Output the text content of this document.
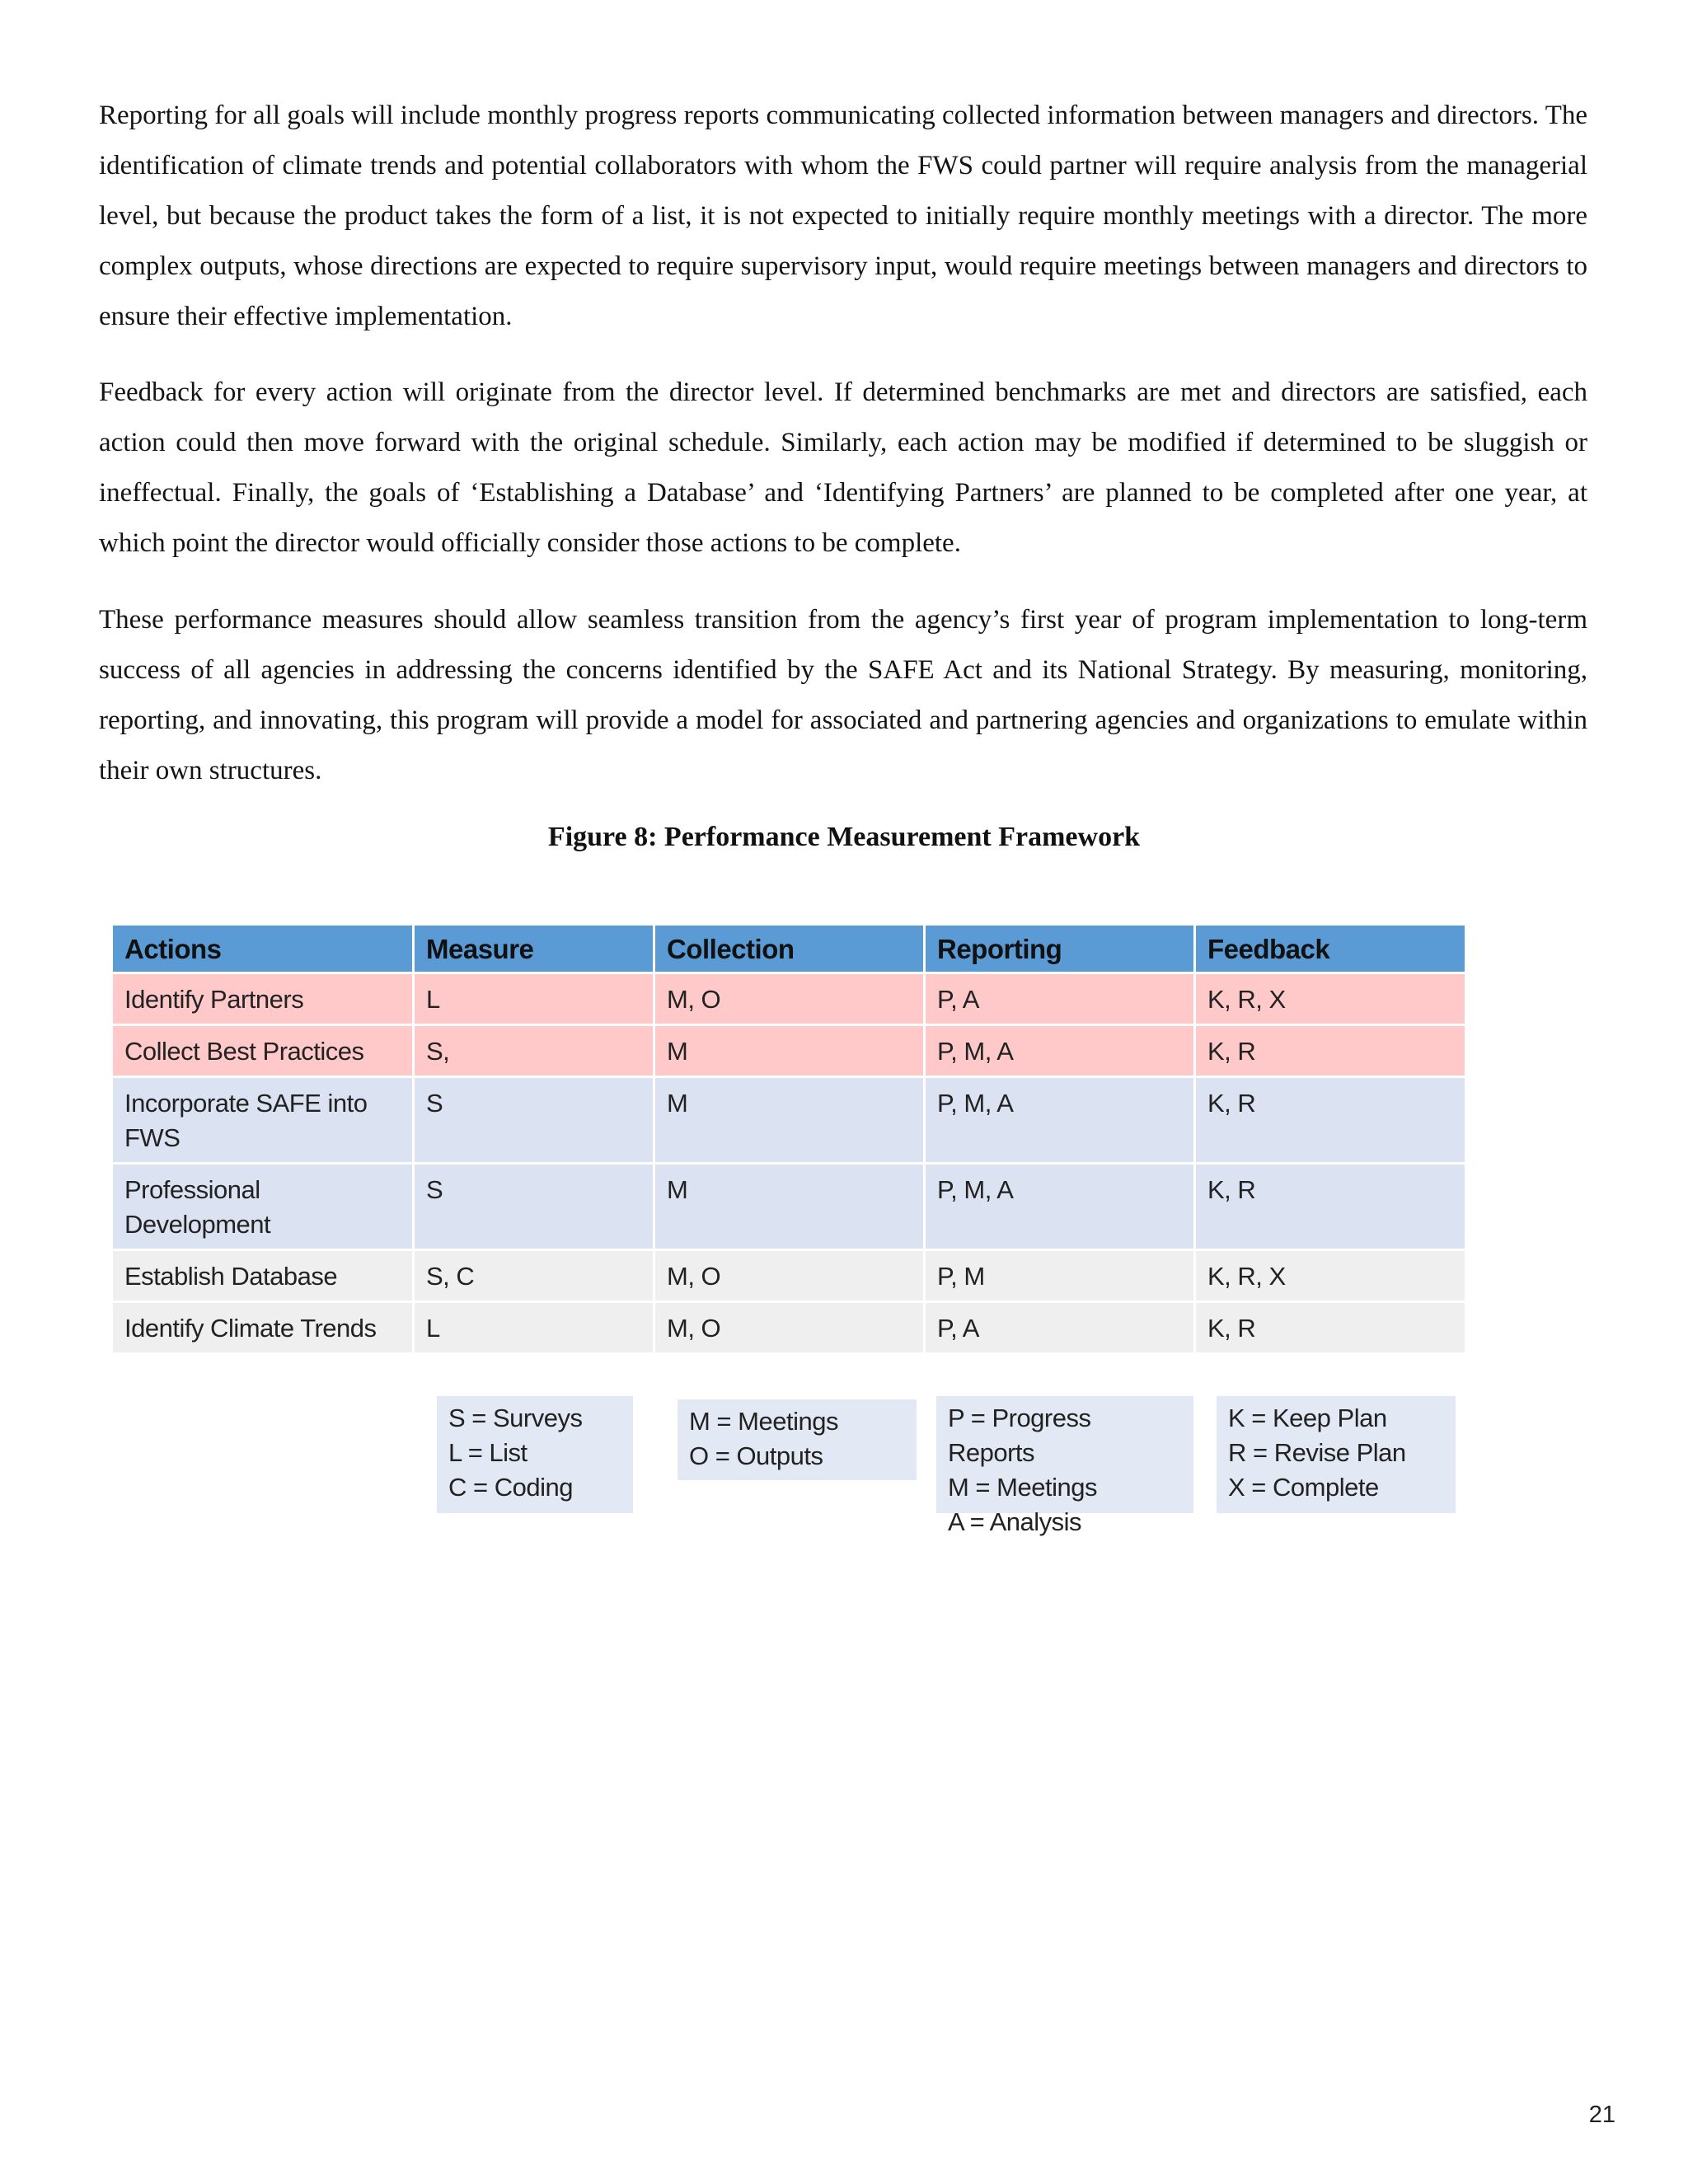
Reporting for all goals will include monthly progress reports communicating collected information between managers and directors. The identification of climate trends and potential collaborators with whom the FWS could partner will require analysis from the managerial level, but because the product takes the form of a list, it is not expected to initially require monthly meetings with a director. The more complex outputs, whose directions are expected to require supervisory input, would require meetings between managers and directors to ensure their effective implementation.

Feedback for every action will originate from the director level. If determined benchmarks are met and directors are satisfied, each action could then move forward with the original schedule. Similarly, each action may be modified if determined to be sluggish or ineffectual. Finally, the goals of ‘Establishing a Database’ and ‘Identifying Partners’ are planned to be completed after one year, at which point the director would officially consider those actions to be complete.

These performance measures should allow seamless transition from the agency’s first year of program implementation to long-term success of all agencies in addressing the concerns identified by the SAFE Act and its National Strategy. By measuring, monitoring, reporting, and innovating, this program will provide a model for associated and partnering agencies and organizations to emulate within their own structures.

Figure 8: Performance Measurement Framework

Actions	Measure	Collection	Reporting	Feedback
Identify Partners	L	M, O	P, A	K, R, X
Collect Best Practices	S,	M	P, M, A	K, R
Incorporate SAFE into FWS	S	M	P, M, A	K, R
Professional Development	S	M	P, M, A	K, R
Establish Database	S, C	M, O	P, M	K, R, X
Identify Climate Trends	L	M, O	P, A	K, R
S = Surveys
L = List
C = Coding
M = Meetings
O = Outputs
P = Progress Reports
M = Meetings
A = Analysis
K = Keep Plan
R = Revise Plan
X = Complete

21
